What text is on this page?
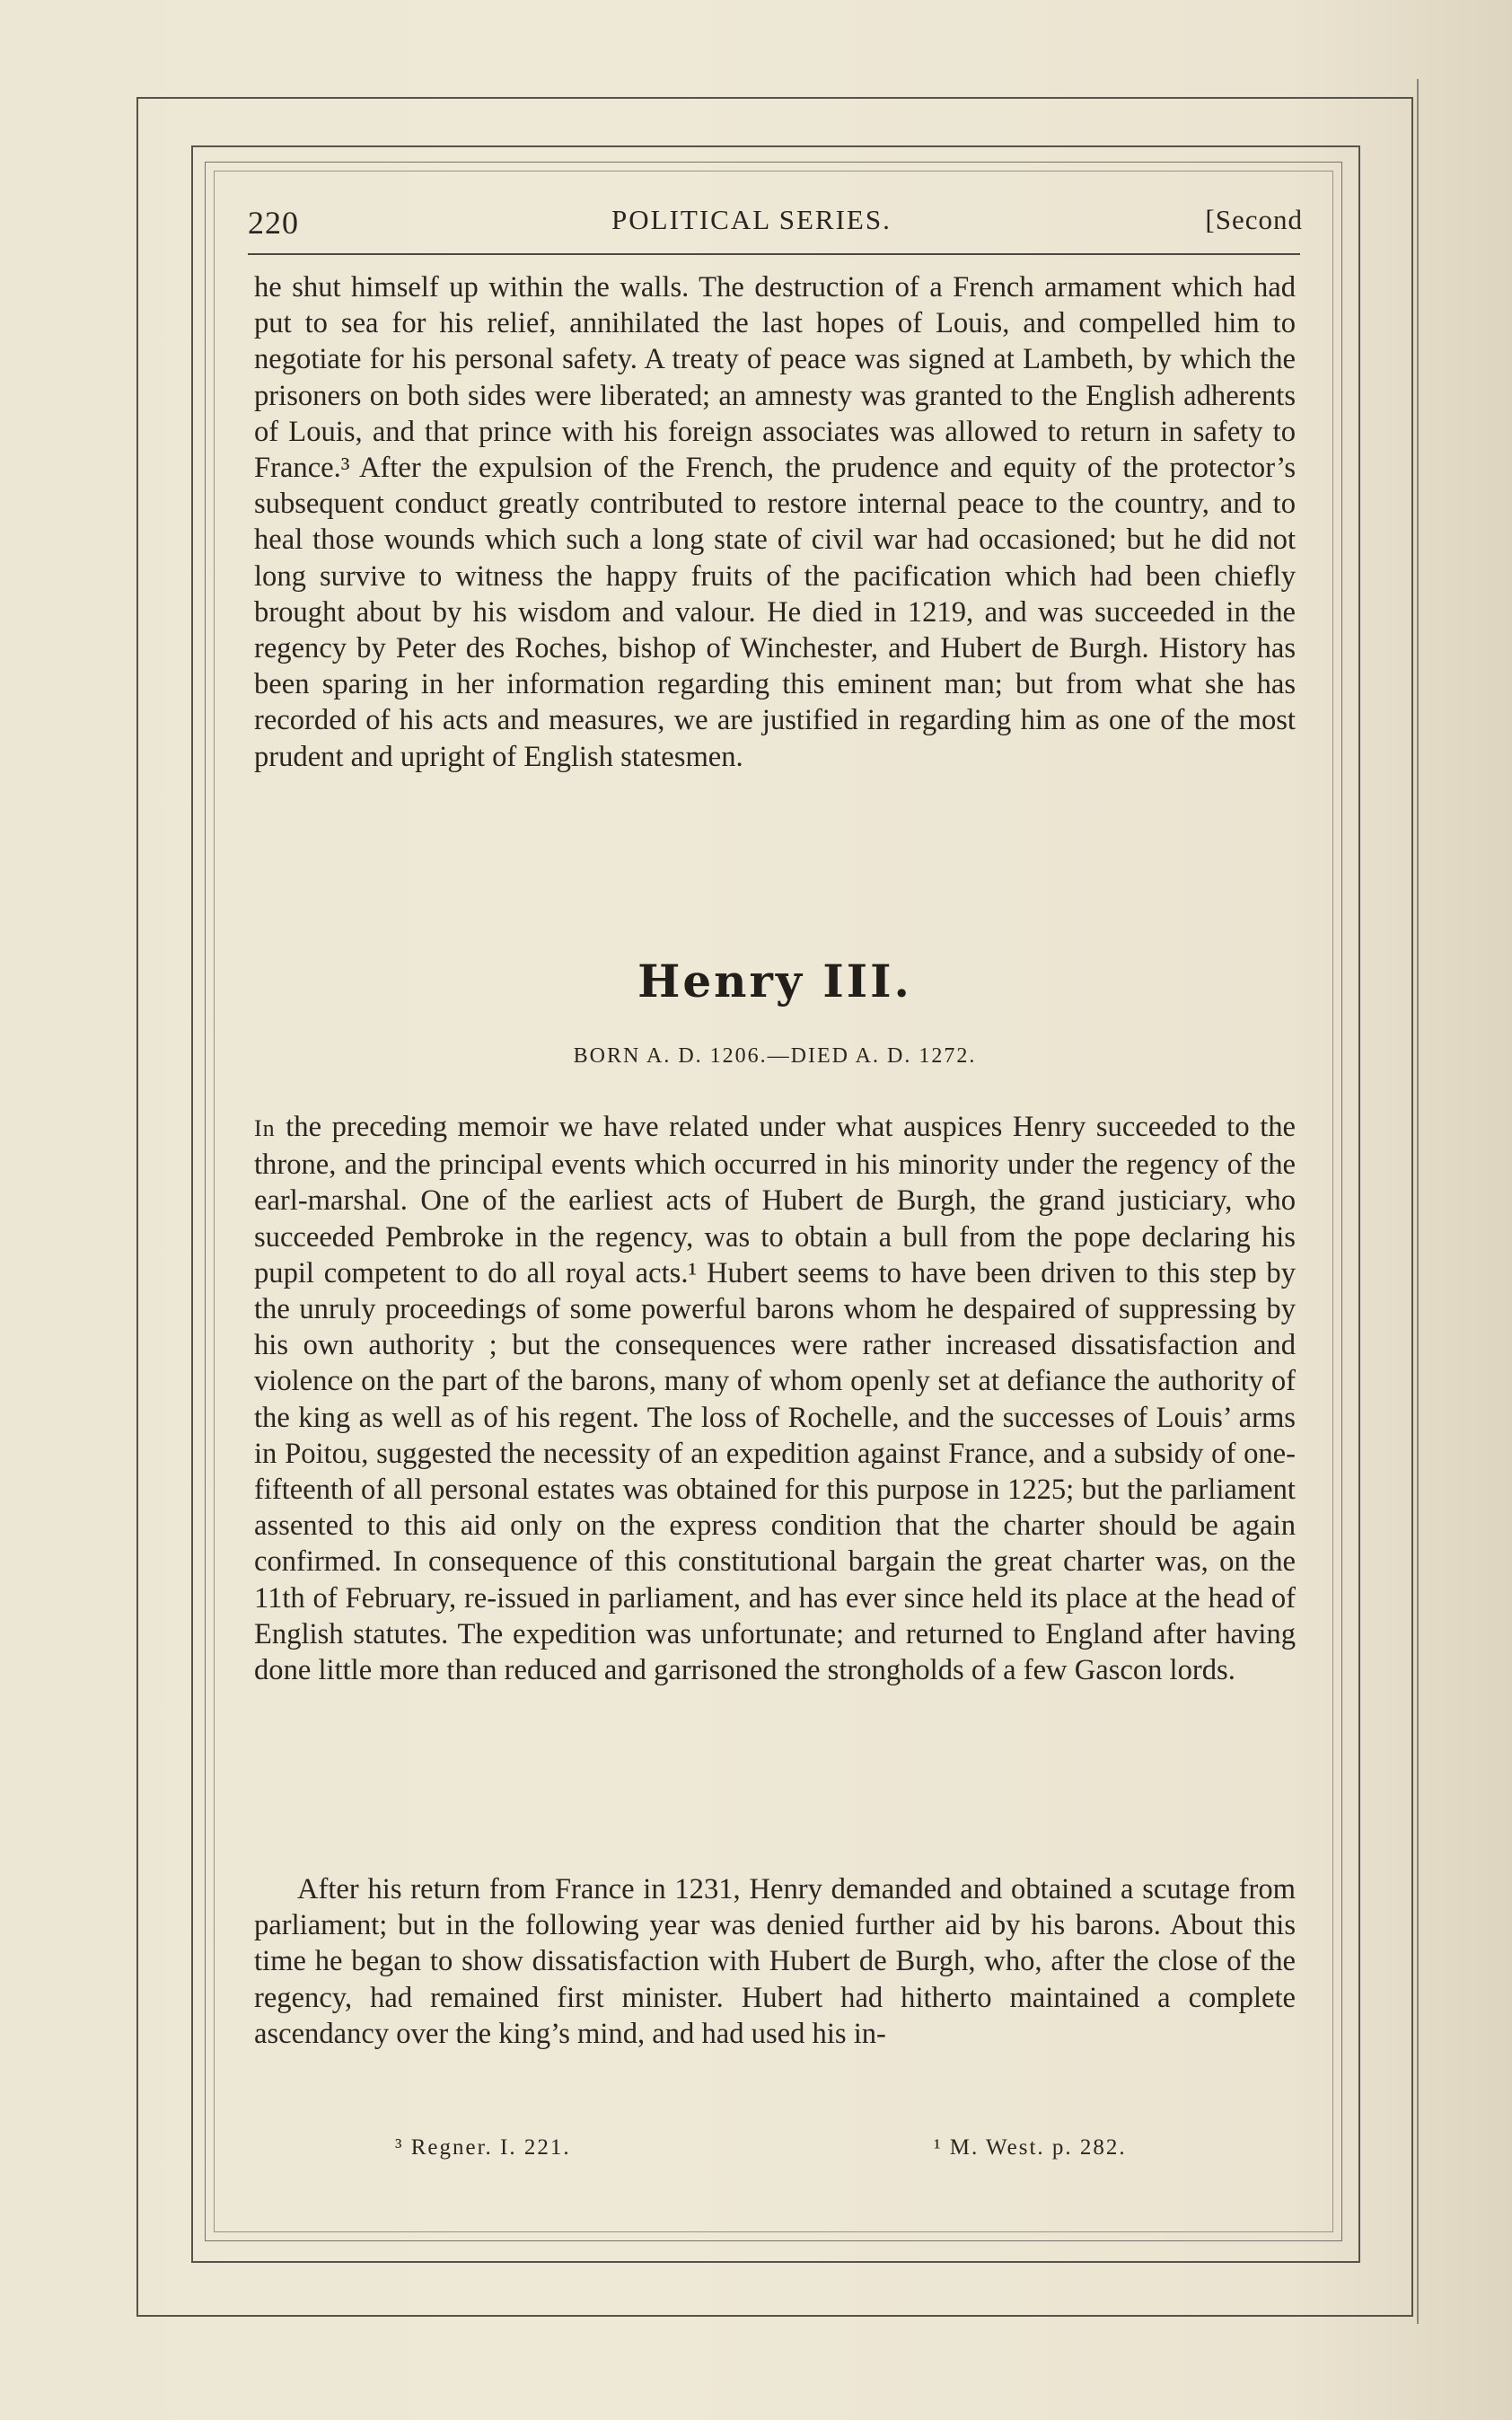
220	POLITICAL SERIES.	[Second

he shut himself up within the walls. The destruction of a French armament which had put to sea for his relief, annihilated the last hopes of Louis, and compelled him to negotiate for his personal safety. A treaty of peace was signed at Lambeth, by which the prisoners on both sides were liberated; an amnesty was granted to the English adherents of Louis, and that prince with his foreign associates was allowed to return in safety to France.³ After the expulsion of the French, the prudence and equity of the protector’s subsequent conduct greatly contributed to restore internal peace to the country, and to heal those wounds which such a long state of civil war had occasioned; but he did not long survive to witness the happy fruits of the pacification which had been chiefly brought about by his wisdom and valour. He died in 1219, and was succeeded in the regency by Peter des Roches, bishop of Winchester, and Hubert de Burgh. History has been sparing in her information regarding this eminent man; but from what she has recorded of his acts and measures, we are justified in regarding him as one of the most prudent and upright of English statesmen.

Henry III.
BORN A. D. 1206.—DIED A. D. 1272.

In the preceding memoir we have related under what auspices Henry succeeded to the throne, and the principal events which occurred in his minority under the regency of the earl-marshal. One of the earliest acts of Hubert de Burgh, the grand justiciary, who succeeded Pembroke in the regency, was to obtain a bull from the pope declaring his pupil competent to do all royal acts.¹ Hubert seems to have been driven to this step by the unruly proceedings of some powerful barons whom he despaired of suppressing by his own authority ; but the consequences were rather increased dissatisfaction and violence on the part of the barons, many of whom openly set at defiance the authority of the king as well as of his regent. The loss of Rochelle, and the successes of Louis’ arms in Poitou, suggested the necessity of an expedition against France, and a subsidy of one-fifteenth of all personal estates was obtained for this purpose in 1225; but the parliament assented to this aid only on the express condition that the charter should be again confirmed. In consequence of this constitutional bargain the great charter was, on the 11th of February, re-issued in parliament, and has ever since held its place at the head of English statutes. The expedition was unfortunate; and returned to England after having done little more than reduced and garrisoned the strongholds of a few Gascon lords.

After his return from France in 1231, Henry demanded and obtained a scutage from parliament; but in the following year was denied further aid by his barons. About this time he began to show dissatisfaction with Hubert de Burgh, who, after the close of the regency, had remained first minister. Hubert had hitherto maintained a complete ascendancy over the king’s mind, and had used his in-

³ Regner. I. 221.	¹ M. West. p. 282.
